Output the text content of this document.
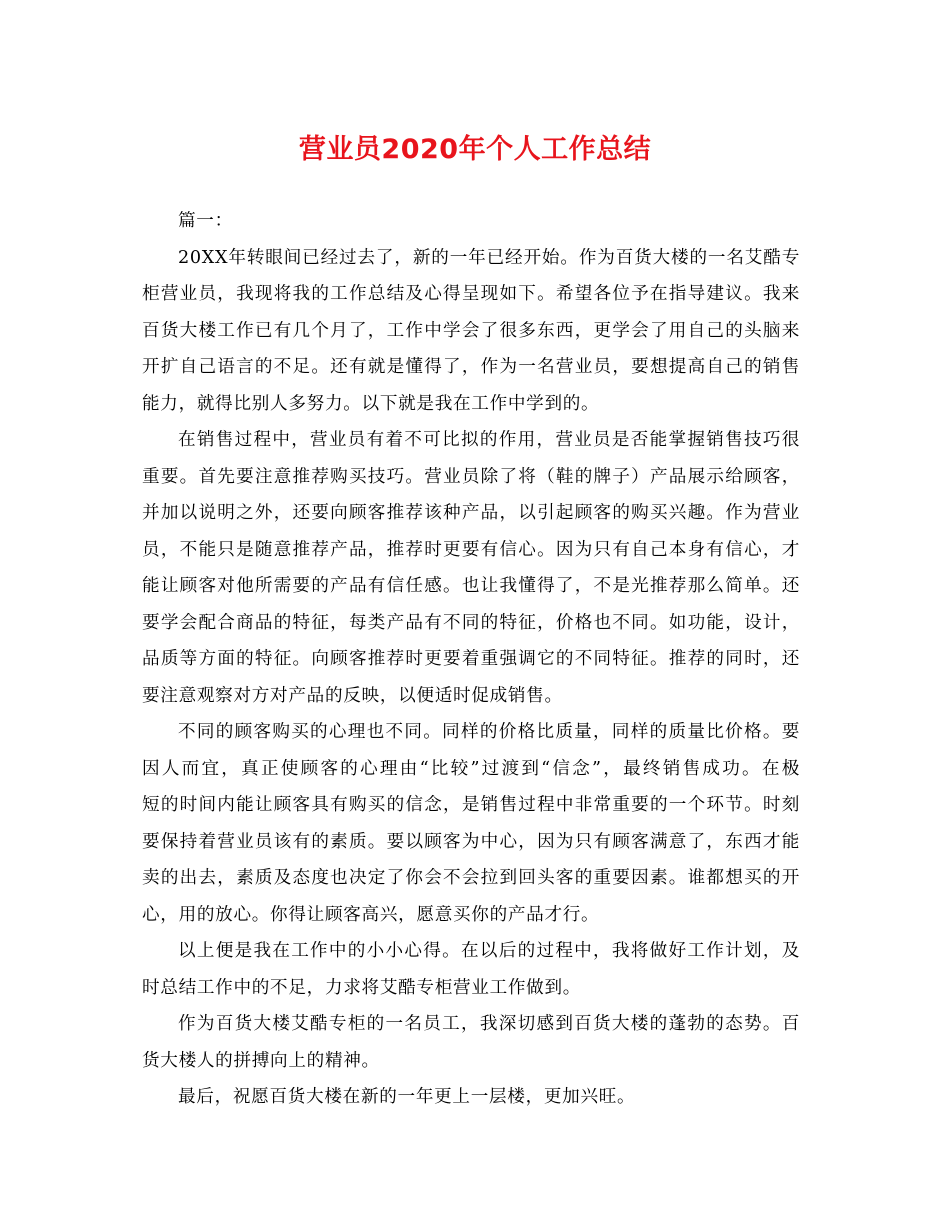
营业员2020年个人工作总结
篇一：
20XX年转眼间已经过去了，新的一年已经开始。作为百货大楼的一名艾酷专
柜营业员，我现将我的工作总结及心得呈现如下。希望各位予在指导建议。我来
百货大楼工作已有几个月了，工作中学会了很多东西，更学会了用自己的头脑来
开扩自己语言的不足。还有就是懂得了，作为一名营业员，要想提高自己的销售
能力，就得比别人多努力。以下就是我在工作中学到的。
在销售过程中，营业员有着不可比拟的作用，营业员是否能掌握销售技巧很
重要。首先要注意推荐购买技巧。营业员除了将（鞋的牌子）产品展示给顾客，
并加以说明之外，还要向顾客推荐该种产品，以引起顾客的购买兴趣。作为营业
员，不能只是随意推荐产品，推荐时更要有信心。因为只有自己本身有信心，才
能让顾客对他所需要的产品有信任感。也让我懂得了，不是光推荐那么简单。还
要学会配合商品的特征，每类产品有不同的特征，价格也不同。如功能，设计，
品质等方面的特征。向顾客推荐时更要着重强调它的不同特征。推荐的同时，还
要注意观察对方对产品的反映，以便适时促成销售。
不同的顾客购买的心理也不同。同样的价格比质量，同样的质量比价格。要
因人而宜，真正使顾客的心理由“比较”过渡到“信念”，最终销售成功。在极
短的时间内能让顾客具有购买的信念，是销售过程中非常重要的一个环节。时刻
要保持着营业员该有的素质。要以顾客为中心，因为只有顾客满意了，东西才能
卖的出去，素质及态度也决定了你会不会拉到回头客的重要因素。谁都想买的开
心，用的放心。你得让顾客高兴，愿意买你的产品才行。
以上便是我在工作中的小小心得。在以后的过程中，我将做好工作计划，及
时总结工作中的不足，力求将艾酷专柜营业工作做到。
作为百货大楼艾酷专柜的一名员工，我深切感到百货大楼的蓬勃的态势。百
货大楼人的拼搏向上的精神。
最后，祝愿百货大楼在新的一年更上一层楼，更加兴旺。
